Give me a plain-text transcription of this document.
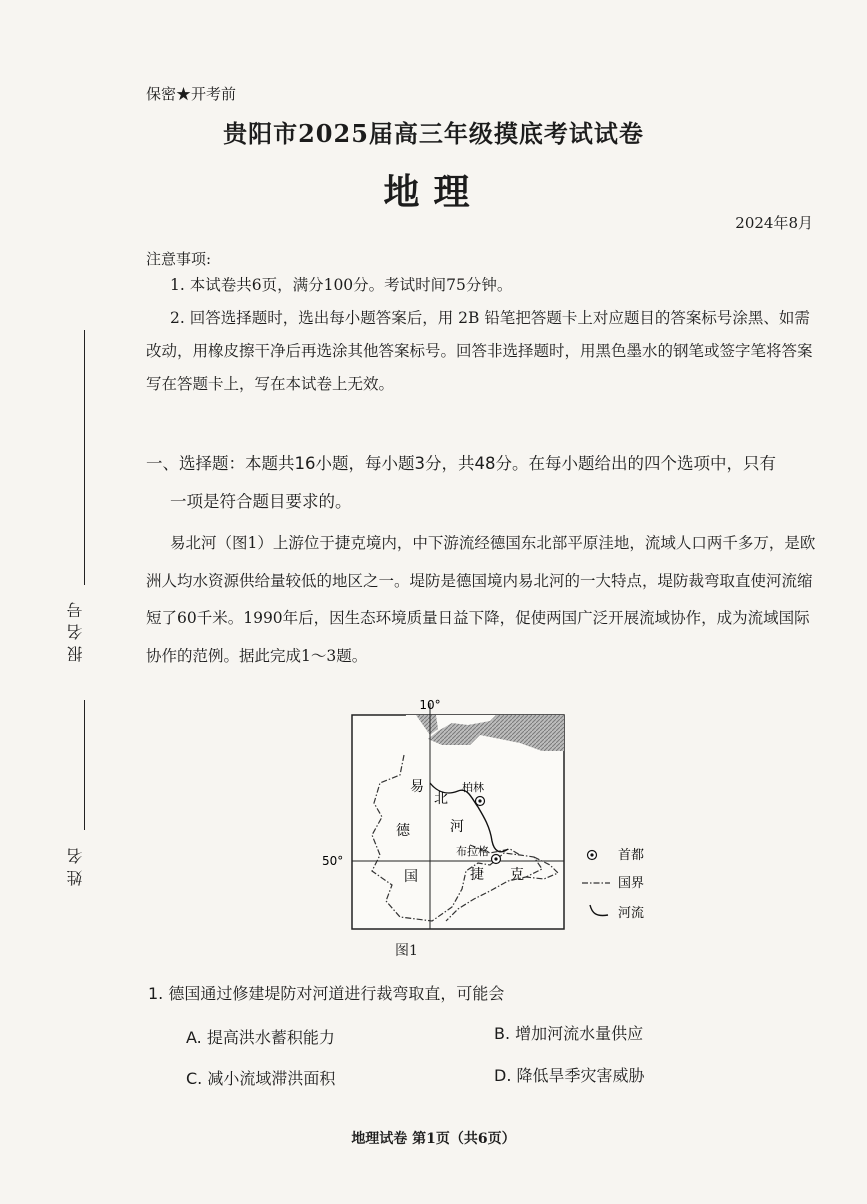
保密★开考前
贵阳市2025届高三年级摸底考试试卷
地理
2024年8月
报名号
姓名
注意事项:
1. 本试卷共6页，满分100分。考试时间75分钟。
2. 回答选择题时，选出每小题答案后，用 2B 铅笔把答题卡上对应题目的答案标号涂黑、如需改动，用橡皮擦干净后再选涂其他答案标号。回答非选择题时，用黑色墨水的钢笔或签字笔将答案写在答题卡上，写在本试卷上无效。
一、选择题：本题共16小题，每小题3分，共48分。在每小题给出的四个选项中，只有
一项是符合题目要求的。
易北河（图1）上游位于捷克境内，中下游流经德国东北部平原洼地，流域人口两千多万，是欧洲人均水资源供给量较低的地区之一。堤防是德国境内易北河的一大特点，堤防裁弯取直使河流缩短了60千米。1990年后，因生态环境质量日益下降，促使两国广泛开展流域协作，成为流域国际协作的范例。据此完成1～3题。
10°
50°
易
北
河
德
国	捷 克
柏林
布拉格	首都
国界
河流
图1
1. 德国通过修建堤防对河道进行裁弯取直，可能会
A. 提高洪水蓄积能力	B. 增加河流水量供应
C. 减小流域滞洪面积	D. 降低旱季灾害威胁
地理试卷 第1页（共6页）
